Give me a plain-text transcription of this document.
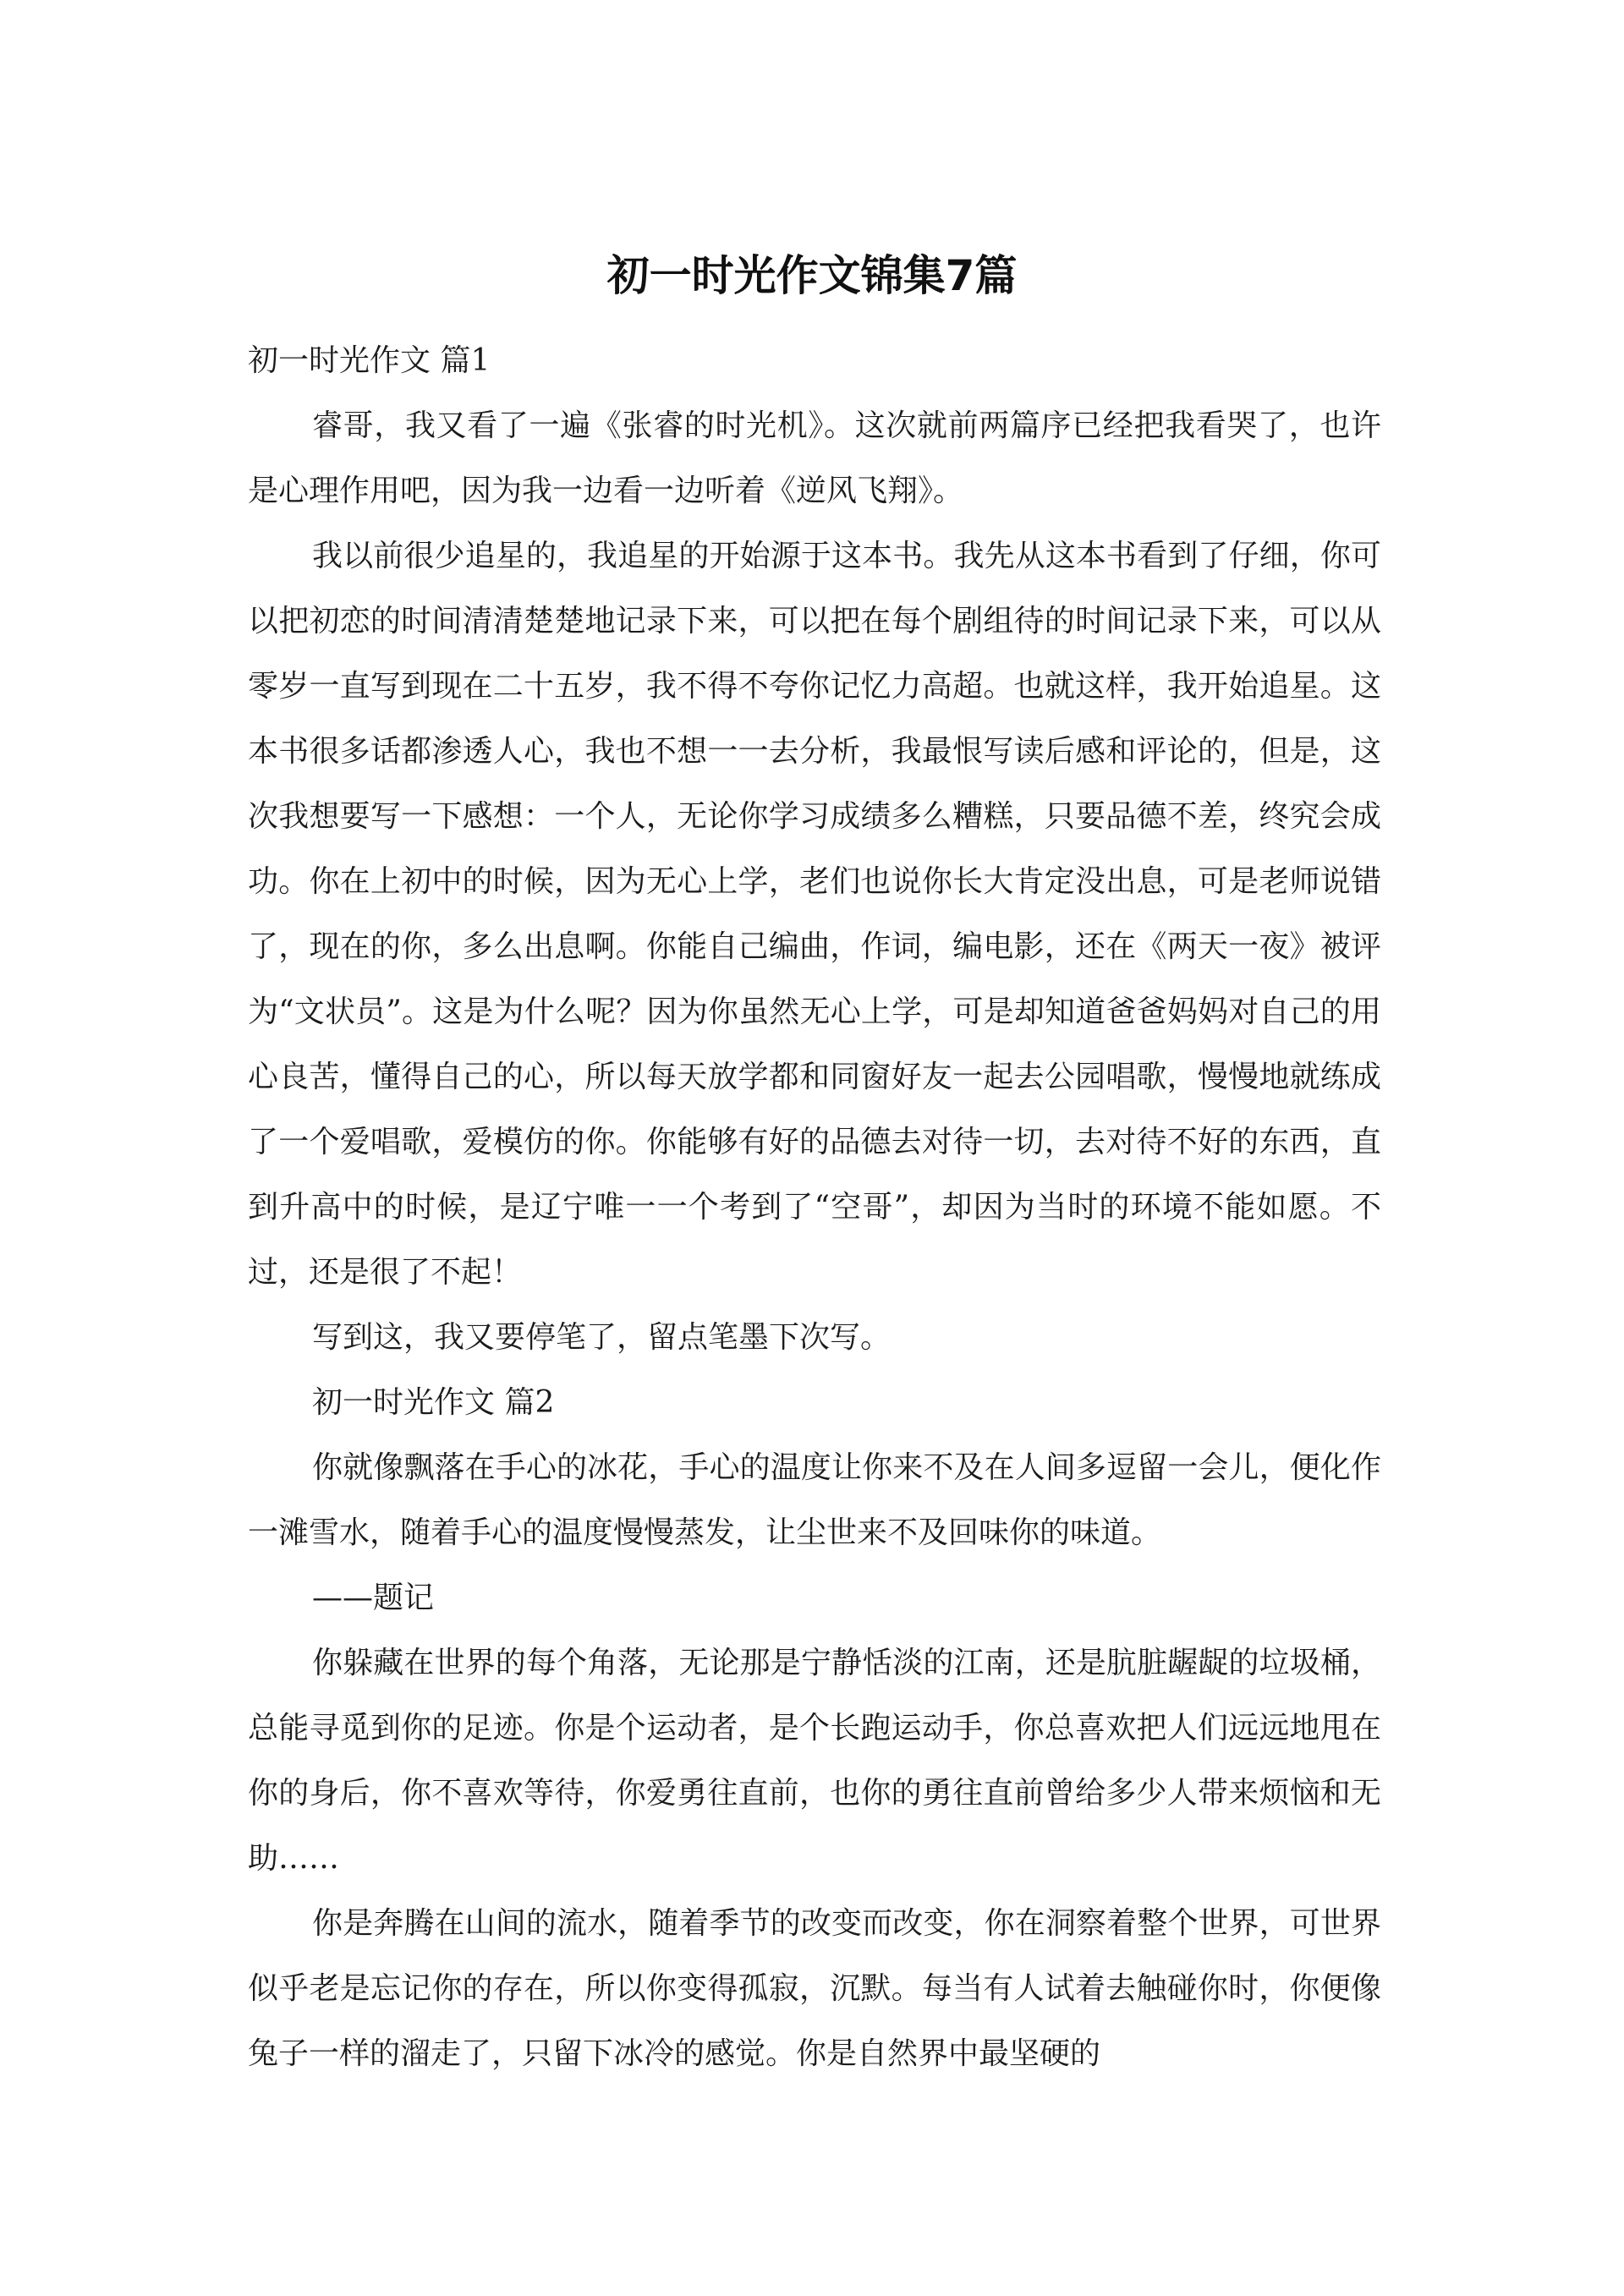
初一时光作文锦集7篇

初一时光作文 篇1

睿哥，我又看了一遍《张睿的时光机》。这次就前两篇序已经把我看哭了，也许是心理作用吧，因为我一边看一边听着《逆风飞翔》。

我以前很少追星的，我追星的开始源于这本书。我先从这本书看到了仔细，你可以把初恋的时间清清楚楚地记录下来，可以把在每个剧组待的时间记录下来，可以从零岁一直写到现在二十五岁，我不得不夸你记忆力高超。也就这样，我开始追星。这本书很多话都渗透人心，我也不想一一去分析，我最恨写读后感和评论的，但是，这次我想要写一下感想：一个人，无论你学习成绩多么糟糕，只要品德不差，终究会成功。你在上初中的时候，因为无心上学，老们也说你长大肯定没出息，可是老师说错了，现在的你，多么出息啊。你能自己编曲，作词，编电影，还在《两天一夜》被评为“文状员”。这是为什么呢？因为你虽然无心上学，可是却知道爸爸妈妈对自己的用心良苦，懂得自己的心，所以每天放学都和同窗好友一起去公园唱歌，慢慢地就练成了一个爱唱歌，爱模仿的你。你能够有好的品德去对待一切，去对待不好的东西，直到升高中的时候，是辽宁唯一一个考到了“空哥”，却因为当时的环境不能如愿。不过，还是很了不起！

写到这，我又要停笔了，留点笔墨下次写。

初一时光作文 篇2

你就像飘落在手心的冰花，手心的温度让你来不及在人间多逗留一会儿，便化作一滩雪水，随着手心的温度慢慢蒸发，让尘世来不及回味你的味道。

——题记

你躲藏在世界的每个角落，无论那是宁静恬淡的江南，还是肮脏龌龊的垃圾桶，总能寻觅到你的足迹。你是个运动者，是个长跑运动手，你总喜欢把人们远远地甩在你的身后，你不喜欢等待，你爱勇往直前，也你的勇往直前曾给多少人带来烦恼和无助……

你是奔腾在山间的流水，随着季节的改变而改变，你在洞察着整个世界，可世界似乎老是忘记你的存在，所以你变得孤寂，沉默。每当有人试着去触碰你时，你便像兔子一样的溜走了，只留下冰冷的感觉。你是自然界中最坚硬的
